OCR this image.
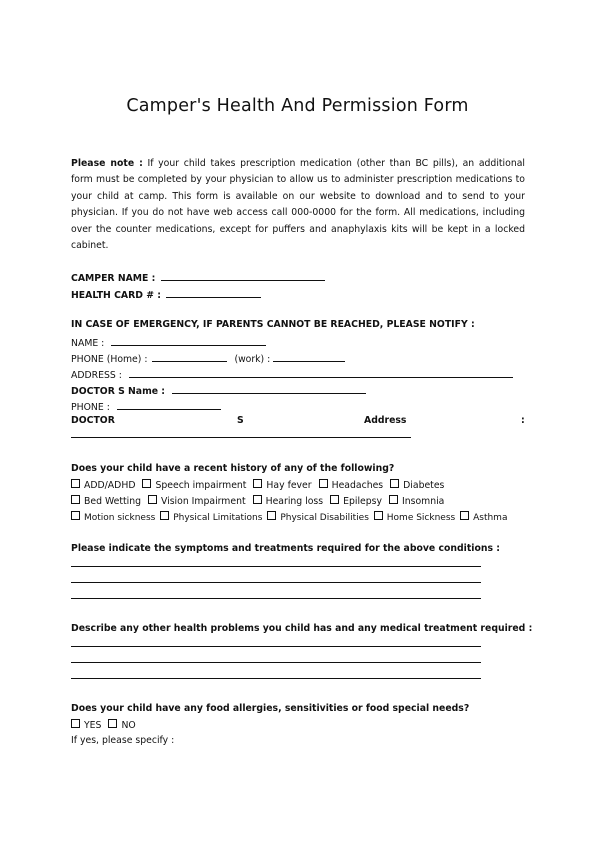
Camper's Health And Permission Form
Please note : If your child takes prescription medication (other than BC pills), an additional form must be completed by your physician to allow us to administer prescription medications to your child at camp. This form is available on our website to download and to send to your physician. If you do not have web access call 000-0000 for the form. All medications, including over the counter medications, except for puffers and anaphylaxis kits will be kept in a locked cabinet.
CAMPER NAME :
HEALTH CARD # :
IN CASE OF EMERGENCY, IF PARENTS CANNOT BE REACHED, PLEASE NOTIFY :
NAME :
PHONE (Home) :	(work) :
ADDRESS :
DOCTOR S Name :
PHONE :
DOCTOR	S	Address	:
Does your child have a recent history of any of the following?
ADD/ADHD Speech impairment Hay fever Headaches Diabetes
Bed Wetting Vision Impairment Hearing loss Epilepsy Insomnia
Motion sickness Physical Limitations Physical Disabilities Home Sickness Asthma
Please indicate the symptoms and treatments required for the above conditions :
Describe any other health problems you child has and any medical treatment required :
Does your child have any food allergies, sensitivities or food special needs?
YES NO
If yes, please specify :
